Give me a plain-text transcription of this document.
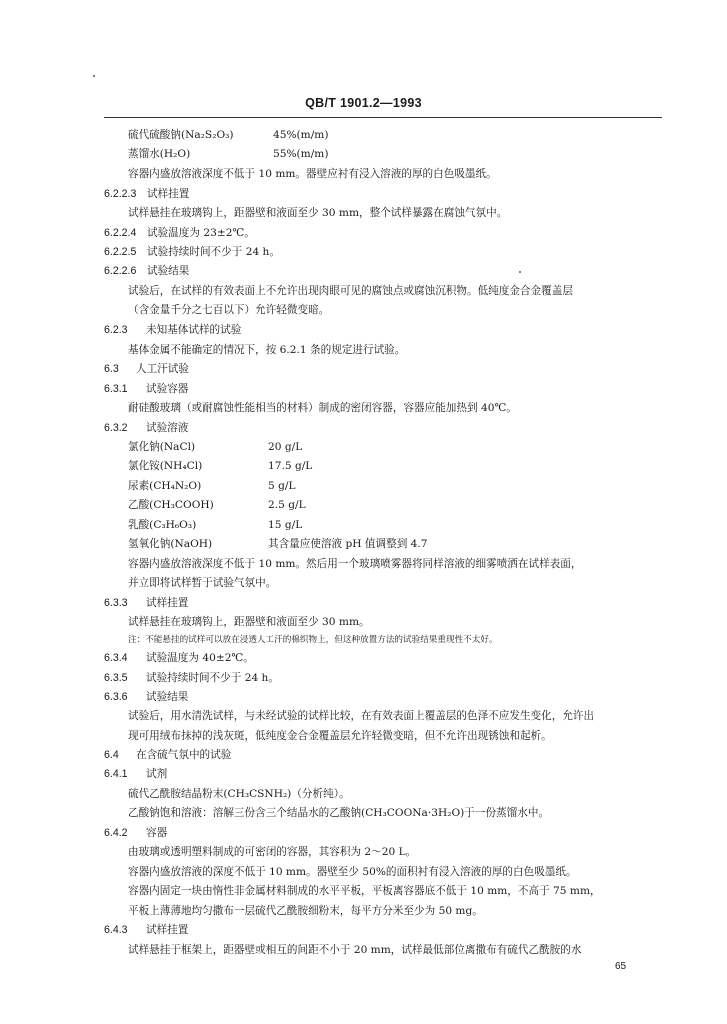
QB/T 1901.2—1993
硫代硫酸钠(Na₂S₂O₃)	45%(m/m)
蒸馏水(H₂O)	55%(m/m)
容器内盛放溶液深度不低于 10 mm。器壁应衬有浸入溶液的厚的白色吸墨纸。
6.2.2.3 试样挂置
试样悬挂在玻璃钩上，距器壁和液面至少 30 mm，整个试样暴露在腐蚀气氛中。
6.2.2.4 试验温度为 23±2℃。
6.2.2.5 试验持续时间不少于 24 h。
6.2.2.6 试验结果
试验后，在试样的有效表面上不允许出现肉眼可见的腐蚀点或腐蚀沉积物。低纯度金合金覆盖层
（含金量千分之七百以下）允许轻微变暗。
6.2.3 未知基体试样的试验
基体金属不能确定的情况下，按 6.2.1 条的规定进行试验。
6.3 人工汗试验
6.3.1 试验容器
耐硅酸玻璃（或耐腐蚀性能相当的材料）制成的密闭容器，容器应能加热到 40℃。
6.3.2 试验溶液
氯化钠(NaCl)	20 g/L
氯化铵(NH₄Cl)	17.5 g/L
尿素(CH₄N₂O)	5 g/L
乙酸(CH₃COOH)	2.5 g/L
乳酸(C₃H₆O₃)	15 g/L
氢氧化钠(NaOH)	其含量应使溶液 pH 值调整到 4.7
容器内盛放溶液深度不低于 10 mm。然后用一个玻璃喷雾器将同样溶液的细雾喷洒在试样表面，
并立即将试样暂于试验气氛中。
6.3.3 试样挂置
试样悬挂在玻璃钩上，距器壁和液面至少 30 mm。
注：不能悬挂的试样可以放在浸透人工汗的棉织物上，但这种放置方法的试验结果重现性不太好。
6.3.4 试验温度为 40±2℃。
6.3.5 试验持续时间不少于 24 h。
6.3.6 试验结果
试验后，用水清洗试样，与未经试验的试样比较，在有效表面上覆盖层的色泽不应发生变化，允许出
现可用绒布抹掉的浅灰斑，低纯度金合金覆盖层允许轻微变暗，但不允许出现锈蚀和起析。
6.4 在含硫气氛中的试验
6.4.1 试剂
硫代乙酰胺结晶粉末(CH₃CSNH₂)（分析纯）。
乙酸钠饱和溶液：溶解三份含三个结晶水的乙酸钠(CH₃COONa·3H₂O)于一份蒸馏水中。
6.4.2 容器
由玻璃或透明塑料制成的可密闭的容器，其容积为 2～20 L。
容器内盛放溶液的深度不低于 10 mm。器壁至少 50%的面积衬有浸入溶液的厚的白色吸墨纸。
容器内固定一块由惰性非金属材料制成的水平平板，平板离容器底不低于 10 mm，不高于 75 mm，
平板上薄薄地均匀撒布一层硫代乙酰胺细粉末，每平方分米至少为 50 mg。
6.4.3 试样挂置
试样悬挂于框架上，距器壁或相互的间距不小于 20 mm，试样最低部位离撒布有硫代乙酰胺的水
65
